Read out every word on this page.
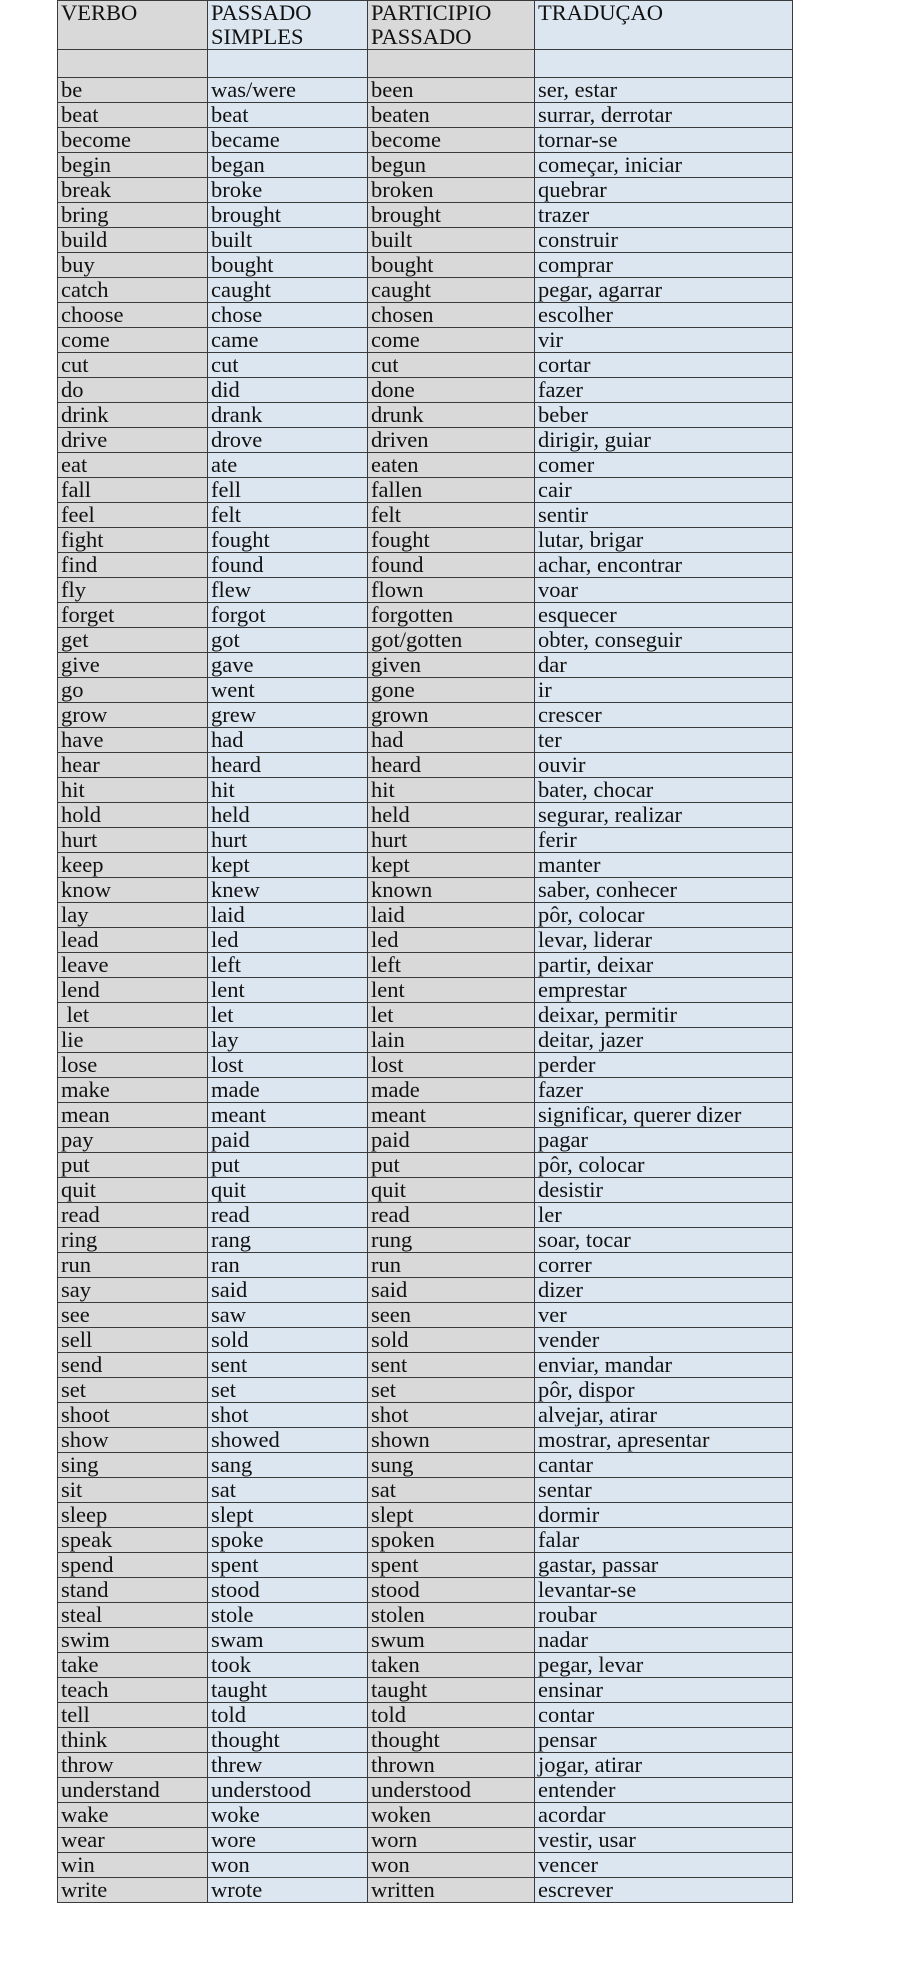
VERBO	PASSADO SIMPLES	PARTICIPIO PASSADO	TRADUÇAO

be	was/were	been	ser, estar
beat	beat	beaten	surrar, derrotar
become	became	become	tornar-se
begin	began	begun	começar, iniciar
break	broke	broken	quebrar
bring	brought	brought	trazer
build	built	built	construir
buy	bought	bought	comprar
catch	caught	caught	pegar, agarrar
choose	chose	chosen	escolher
come	came	come	vir
cut	cut	cut	cortar
do	did	done	fazer
drink	drank	drunk	beber
drive	drove	driven	dirigir, guiar
eat	ate	eaten	comer
fall	fell	fallen	cair
feel	felt	felt	sentir
fight	fought	fought	lutar, brigar
find	found	found	achar, encontrar
fly	flew	flown	voar
forget	forgot	forgotten	esquecer
get	got	got/gotten	obter, conseguir
give	gave	given	dar
go	went	gone	ir
grow	grew	grown	crescer
have	had	had	ter
hear	heard	heard	ouvir
hit	hit	hit	bater, chocar
hold	held	held	segurar, realizar
hurt	hurt	hurt	ferir
keep	kept	kept	manter
know	knew	known	saber, conhecer
lay	laid	laid	pôr, colocar
lead	led	led	levar, liderar
leave	left	left	partir, deixar
lend	lent	lent	emprestar
let	let	let	deixar, permitir
lie	lay	lain	deitar, jazer
lose	lost	lost	perder
make	made	made	fazer
mean	meant	meant	significar, querer dizer
pay	paid	paid	pagar
put	put	put	pôr, colocar
quit	quit	quit	desistir
read	read	read	ler
ring	rang	rung	soar, tocar
run	ran	run	correr
say	said	said	dizer
see	saw	seen	ver
sell	sold	sold	vender
send	sent	sent	enviar, mandar
set	set	set	pôr, dispor
shoot	shot	shot	alvejar, atirar
show	showed	shown	mostrar, apresentar
sing	sang	sung	cantar
sit	sat	sat	sentar
sleep	slept	slept	dormir
speak	spoke	spoken	falar
spend	spent	spent	gastar, passar
stand	stood	stood	levantar-se
steal	stole	stolen	roubar
swim	swam	swum	nadar
take	took	taken	pegar, levar
teach	taught	taught	ensinar
tell	told	told	contar
think	thought	thought	pensar
throw	threw	thrown	jogar, atirar
understand	understood	understood	entender
wake	woke	woken	acordar
wear	wore	worn	vestir, usar
win	won	won	vencer
write	wrote	written	escrever
